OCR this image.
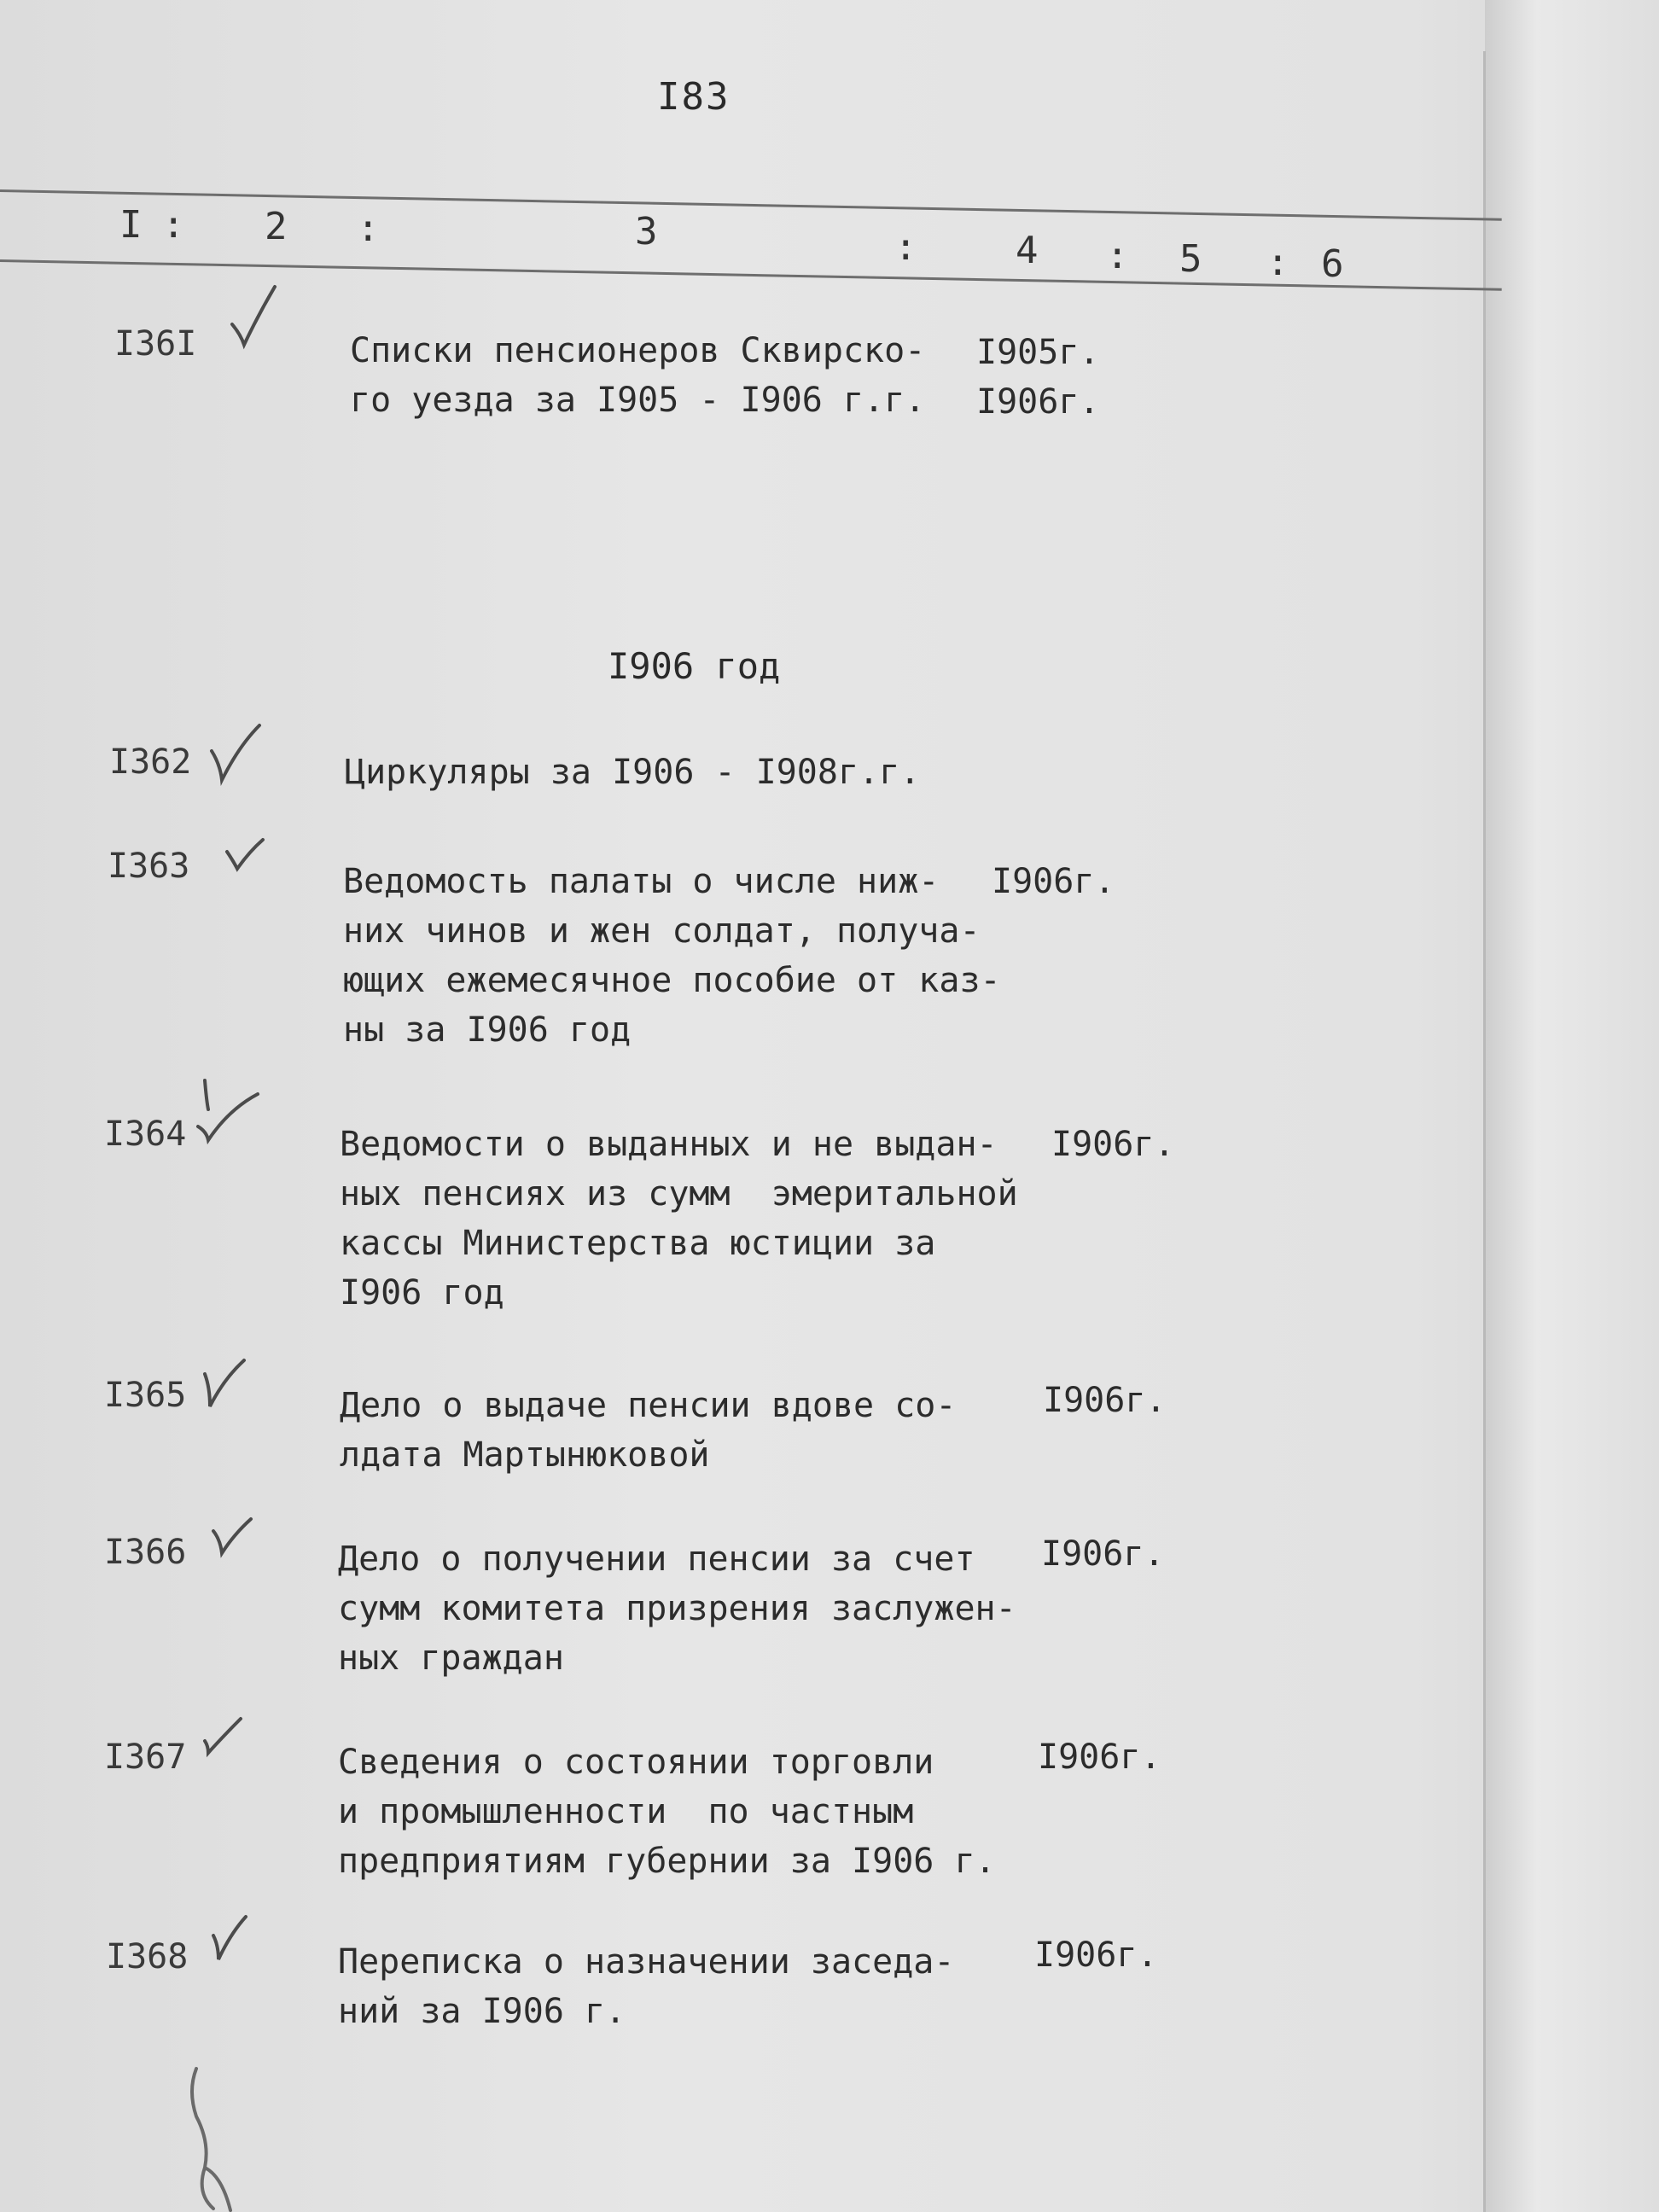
I83
I : 2 :	3	:	4 : 5 : 6
I36I	Списки пенсионеров Сквирско-
го уезда за I905 - I906 г.г.
I905г.
I906г.
I906 год
I362	Циркуляры за I906 - I908г.г.
I363	Ведомость палаты о числе ниж-
них чинов и жен солдат, получа-
ющих ежемесячное пособие от каз-
ны за I906 год
I906г.
I364	Ведомости о выданных и не выдан-
ных пенсиях из сумм  эмеритальной
кассы Министерства юстиции за
I906 год
I906г.
I365	Дело о выдаче пенсии вдове со-
лдата Мартынюковой
I906г.
I366	Дело о получении пенсии за счет
сумм комитета призрения заслужен-
ных граждан
I906г.
I367	Сведения о состоянии торговли
и промышленности  по частным
предприятиям губернии за I906 г.
I906г.
I368	Переписка о назначении заседа-
ний за I906 г.
I906г.
